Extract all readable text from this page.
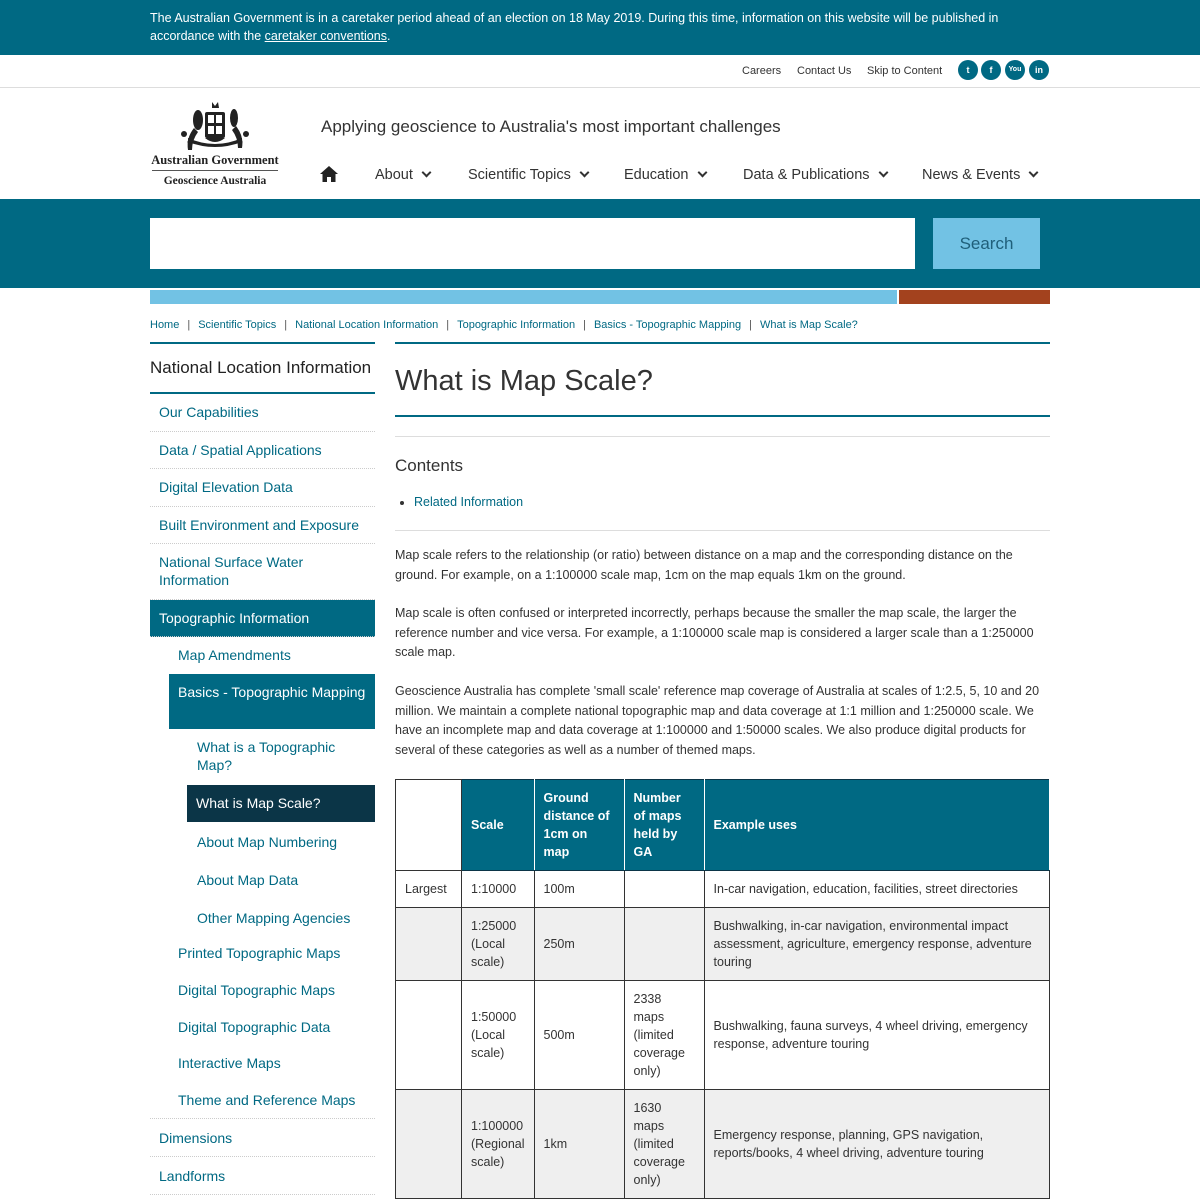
The Australian Government is in a caretaker period ahead of an election on 18 May 2019. During this time, information on this website will be published in accordance with the caretaker conventions.
Careers Contact Us Skip to Content	t	f	You	in
Australian Government
Geoscience Australia
Applying geoscience to Australia's most important challenges
About	Scientific Topics	Education	Data & Publications	News & Events
Search
Home | Scientific Topics | National Location Information | Topographic Information | Basics - Topographic Mapping | What is Map Scale?
National Location Information
Our Capabilities
Data / Spatial Applications
Digital Elevation Data
Built Environment and Exposure
National Surface Water Information
Topographic Information
Map Amendments
Basics - Topographic Mapping
What is a Topographic Map?
What is Map Scale?
About Map Numbering
About Map Data
Other Mapping Agencies
Printed Topographic Maps
Digital Topographic Maps
Digital Topographic Data
Interactive Maps
Theme and Reference Maps
Dimensions
Landforms
What is Map Scale?
Contents
• Related Information

Map scale refers to the relationship (or ratio) between distance on a map and the corresponding distance on the ground. For example, on a 1:100000 scale map, 1cm on the map equals 1km on the ground.

Map scale is often confused or interpreted incorrectly, perhaps because the smaller the map scale, the larger the reference number and vice versa. For example, a 1:100000 scale map is considered a larger scale than a 1:250000 scale map.

Geoscience Australia has complete 'small scale' reference map coverage of Australia at scales of 1:2.5, 5, 10 and 20 million. We maintain a complete national topographic map and data coverage at 1:1 million and 1:250000 scale. We have an incomplete map and data coverage at 1:100000 and 1:50000 scales. We also produce digital products for several of these categories as well as a number of themed maps.

	Scale	Ground distance of 1cm on map	Number of maps held by GA	Example uses
Largest	1:10000	100m		In-car navigation, education, facilities, street directories
	1:25000 (Local scale)	250m		Bushwalking, in-car navigation, environmental impact assessment, agriculture, emergency response, adventure touring
	1:50000 (Local scale)	500m	2338 maps (limited coverage only)	Bushwalking, fauna surveys, 4 wheel driving, emergency response, adventure touring
	1:100000 (Regional scale)	1km	1630 maps (limited coverage only)	Emergency response, planning, GPS navigation, reports/books, 4 wheel driving, adventure touring
